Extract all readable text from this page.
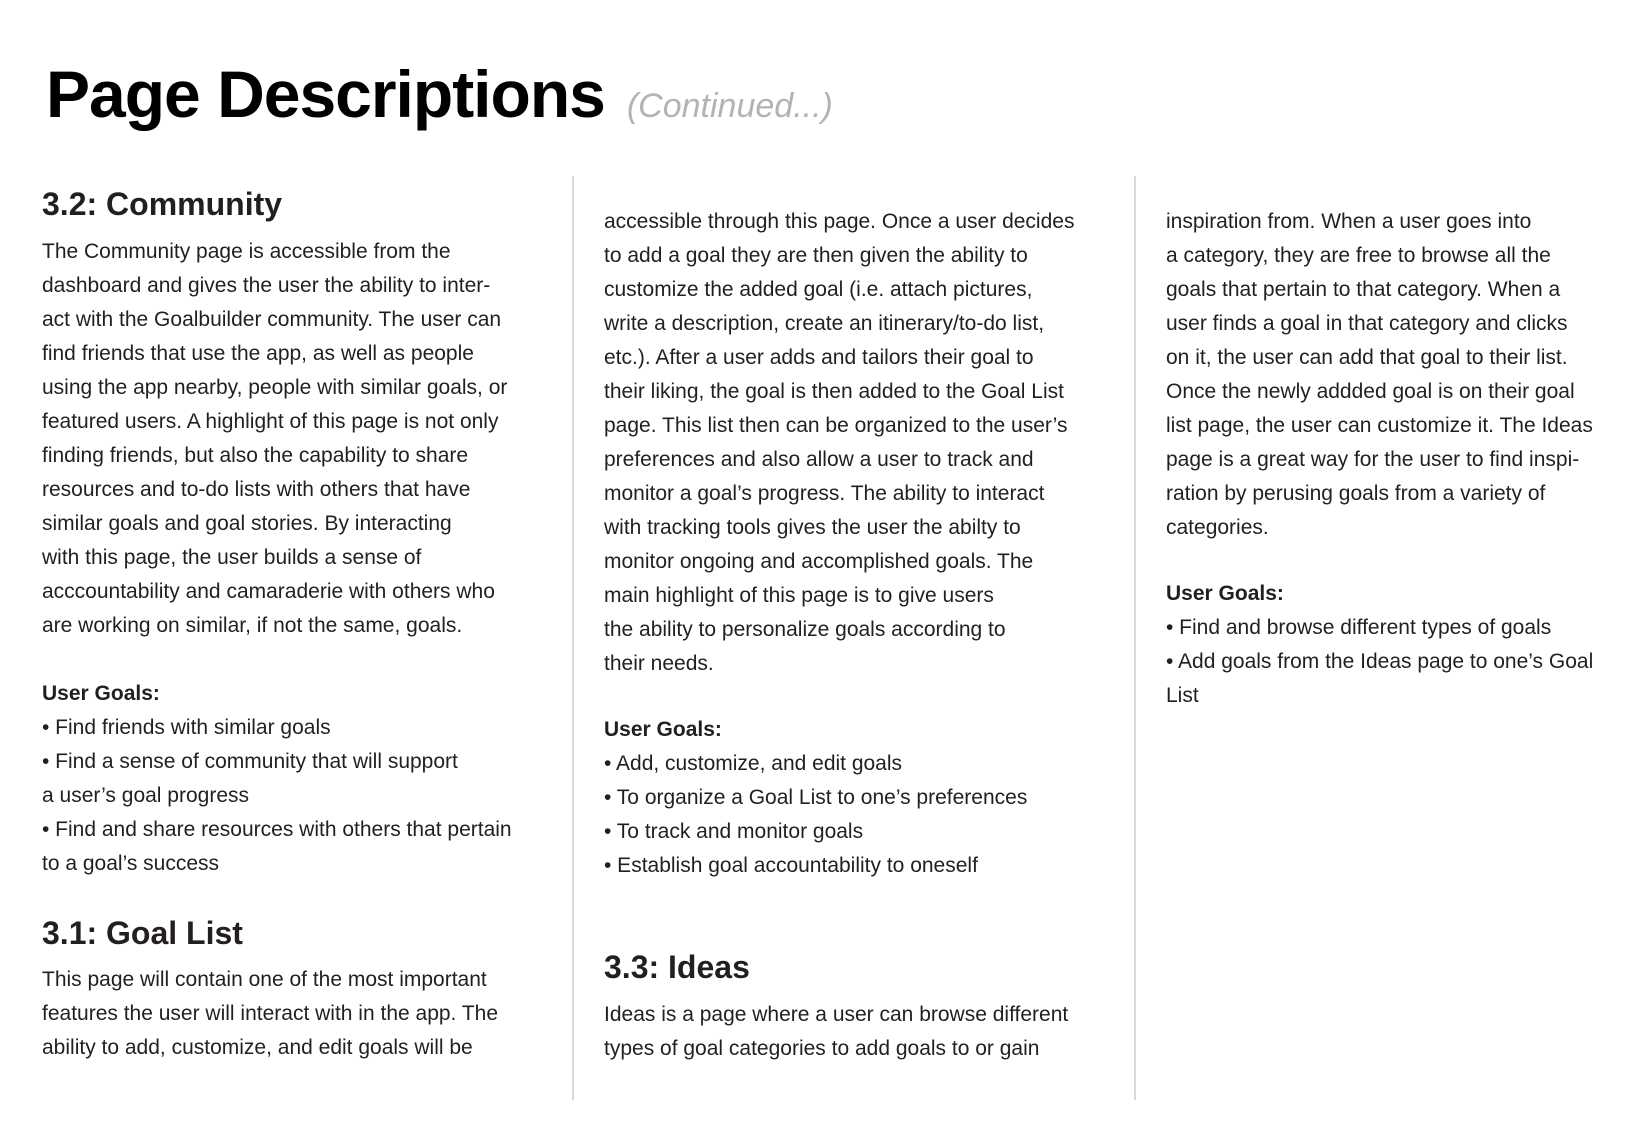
Page Descriptions (Continued...)
3.2: Community
The Community page is accessible from the
dashboard and gives the user the ability to inter-
act with the Goalbuilder community. The user can
find friends that use the app, as well as people
using the app nearby, people with similar goals, or
featured users. A highlight of this page is not only
finding friends, but also the capability to share
resources and to-do lists with others that have
similar goals and goal stories. By interacting
with this page, the user builds a sense of
acccountability and camaraderie with others who
are working on similar, if not the same, goals.
User Goals:
• Find friends with similar goals
• Find a sense of community that will support
a user’s goal progress
• Find and share resources with others that pertain
to a goal’s success
3.1: Goal List
This page will contain one of the most important
features the user will interact with in the app. The
ability to add, customize, and edit goals will be
accessible through this page. Once a user decides
to add a goal they are then given the ability to
customize the added goal (i.e. attach pictures,
write a description, create an itinerary/to-do list,
etc.). After a user adds and tailors their goal to
their liking, the goal is then added to the Goal List
page. This list then can be organized to the user’s
preferences and also allow a user to track and
monitor a goal’s progress. The ability to interact
with tracking tools gives the user the abilty to
monitor ongoing and accomplished goals. The
main highlight of this page is to give users
the ability to personalize goals according to
their needs.
User Goals:
• Add, customize, and edit goals
• To organize a Goal List to one’s preferences
• To track and monitor goals
• Establish goal accountability to oneself
3.3: Ideas
Ideas is a page where a user can browse different
types of goal categories to add goals to or gain
inspiration from. When a user goes into
a category, they are free to browse all the
goals that pertain to that category. When a
user finds a goal in that category and clicks
on it, the user can add that goal to their list.
Once the newly addded goal is on their goal
list page, the user can customize it. The Ideas
page is a great way for the user to find inspi-
ration by perusing goals from a variety of
categories.
User Goals:
• Find and browse different types of goals
• Add goals from the Ideas page to one’s Goal
List
